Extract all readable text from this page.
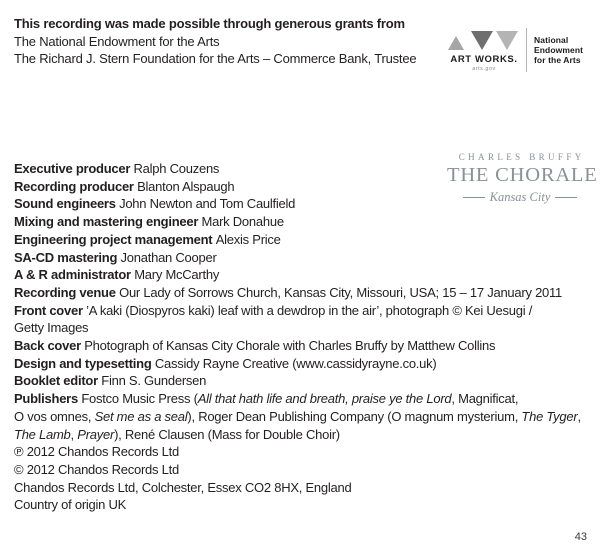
This recording was made possible through generous grants from
The National Endowment for the Arts
The Richard J. Stern Foundation for the Arts – Commerce Bank, Trustee	ART WORKS.
arts.gov
National
Endowment
for the Arts
CHARLES BRUFFY
THE CHORALE
Kansas City
Executive producer Ralph Couzens
Recording producer Blanton Alspaugh
Sound engineers John Newton and Tom Caulfield
Mixing and mastering engineer Mark Donahue
Engineering project management Alexis Price
SA-CD mastering Jonathan Cooper
A & R administrator Mary McCarthy
Recording venue Our Lady of Sorrows Church, Kansas City, Missouri, USA; 15 – 17 January 2011
Front cover ’A kaki (Diospyros kaki) leaf with a dewdrop in the air’, photograph © Kei Uesugi /
Getty Images
Back cover Photograph of Kansas City Chorale with Charles Bruffy by Matthew Collins
Design and typesetting Cassidy Rayne Creative (www.cassidyrayne.co.uk)
Booklet editor Finn S. Gundersen
Publishers Fostco Music Press (All that hath life and breath, praise ye the Lord, Magnificat,
O vos omnes, Set me as a seal), Roger Dean Publishing Company (O magnum mysterium, The Tyger,
The Lamb, Prayer), René Clausen (Mass for Double Choir)
℗ 2012 Chandos Records Ltd
© 2012 Chandos Records Ltd
Chandos Records Ltd, Colchester, Essex CO2 8HX, England
Country of origin UK
43
